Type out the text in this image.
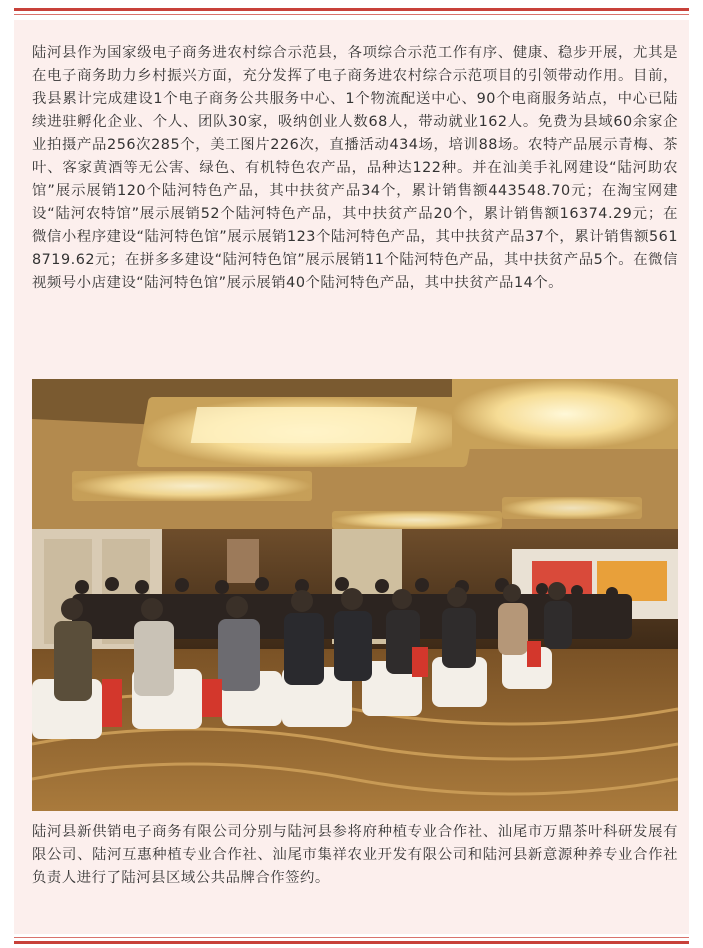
陆河县作为国家级电子商务进农村综合示范县，各项综合示范工作有序、健康、稳步开展，尤其是在电子商务助力乡村振兴方面，充分发挥了电子商务进农村综合示范项目的引领带动作用。目前，我县累计完成建设1个电子商务公共服务中心、1个物流配送中心、90个电商服务站点，中心已陆续进驻孵化企业、个人、团队30家，吸纳创业人数68人，带动就业162人。免费为县域60余家企业拍摄产品256次285个，美工图片226次，直播活动434场，培训88场。农特产品展示青梅、茶叶、客家黄酒等无公害、绿色、有机特色农产品，品种达122种。并在汕美手礼网建设“陆河助农馆”展示展销120个陆河特色产品，其中扶贫产品34个，累计销售额443548.70元；在淘宝网建设“陆河农特馆”展示展销52个陆河特色产品，其中扶贫产品20个，累计销售额16374.29元；在微信小程序建设“陆河特色馆”展示展销123个陆河特色产品，其中扶贫产品37个，累计销售额5618719.62元；在拼多多建设“陆河特色馆”展示展销11个陆河特色产品，其中扶贫产品5个。在微信视频号小店建设“陆河特色馆”展示展销40个陆河特色产品，其中扶贫产品14个。

陆河县新供销电子商务有限公司分别与陆河县参将府种植专业合作社、汕尾市万鼎茶叶科研发展有限公司、陆河互惠种植专业合作社、汕尾市集祥农业开发有限公司和陆河县新意源种养专业合作社负责人进行了陆河县区域公共品牌合作签约。
